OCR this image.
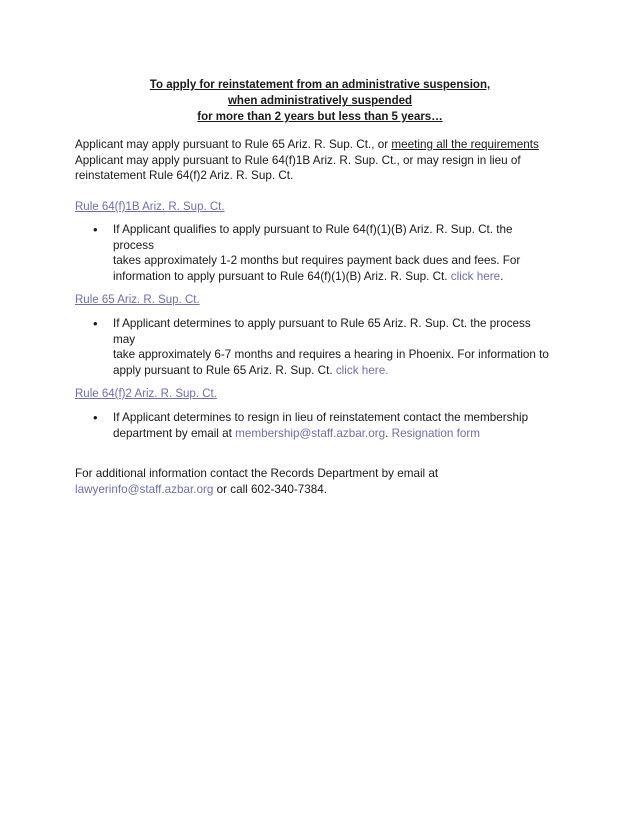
To apply for reinstatement from an administrative suspension,
when administratively suspended
for more than 2 years but less than 5 years…
Applicant may apply pursuant to Rule 65 Ariz. R. Sup. Ct., or meeting all the requirements
Applicant may apply pursuant to Rule 64(f)1B Ariz. R. Sup. Ct., or may resign in lieu of
reinstatement Rule 64(f)2 Ariz. R. Sup. Ct.
Rule 64(f)1B Ariz. R. Sup. Ct.
• If Applicant qualifies to apply pursuant to Rule 64(f)(1)(B) Ariz. R. Sup. Ct. the process
takes approximately 1-2 months but requires payment back dues and fees. For
information to apply pursuant to Rule 64(f)(1)(B) Ariz. R. Sup. Ct. click here.
Rule 65 Ariz. R. Sup. Ct.
• If Applicant determines to apply pursuant to Rule 65 Ariz. R. Sup. Ct. the process may
take approximately 6-7 months and requires a hearing in Phoenix. For information to
apply pursuant to Rule 65 Ariz. R. Sup. Ct. click here.
Rule 64(f)2 Ariz. R. Sup. Ct.
• If Applicant determines to resign in lieu of reinstatement contact the membership
department by email at membership@staff.azbar.org. Resignation form
For additional information contact the Records Department by email at
lawyerinfo@staff.azbar.org or call 602-340-7384.
